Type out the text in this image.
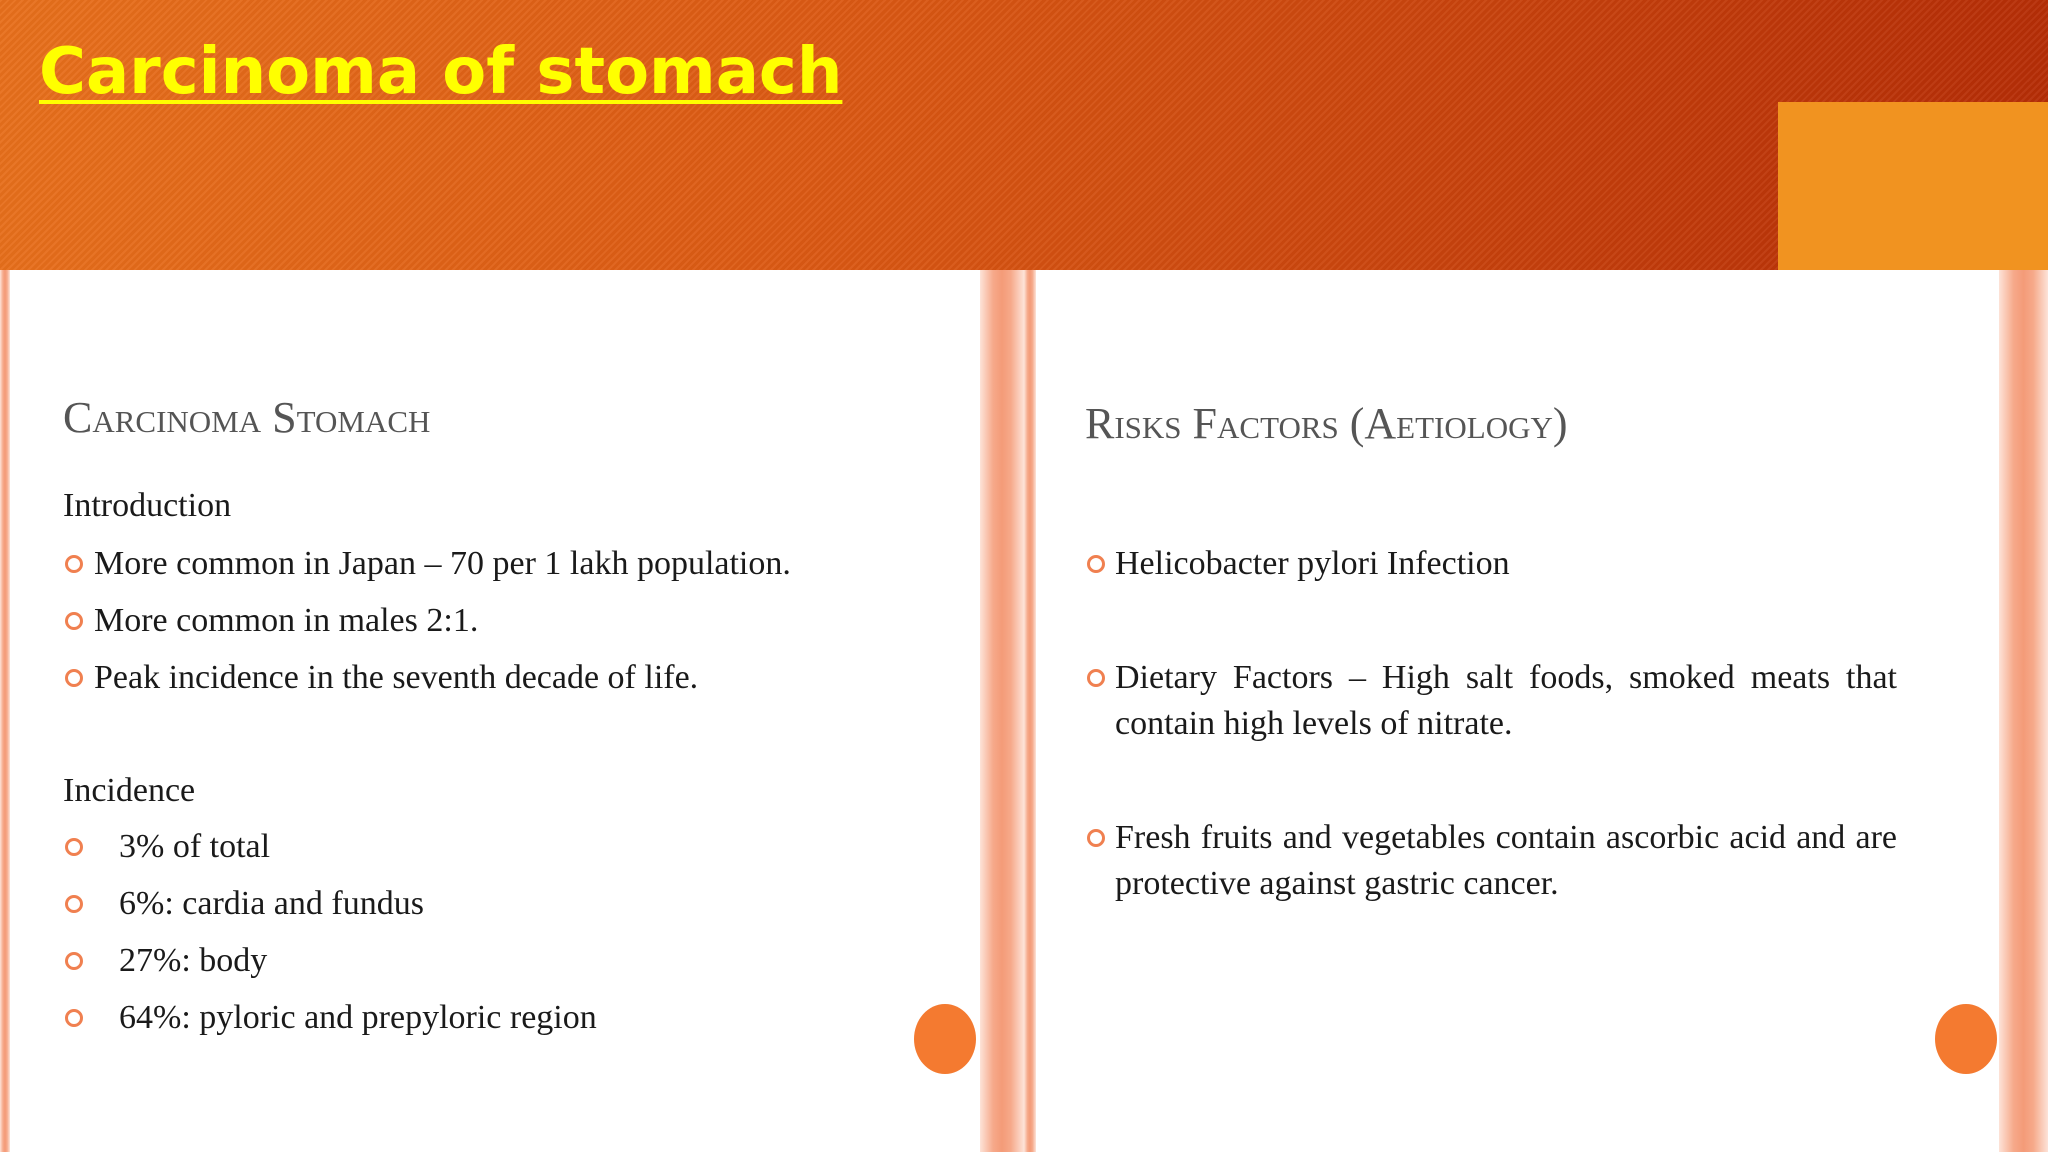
Carcinoma of stomach
Carcinoma Stomach

Introduction

More common in Japan – 70 per 1 lakh population.
More common in males 2:1.
Peak incidence in the seventh decade of life.

Incidence

3% of total
6%: cardia and fundus
27%: body
64%: pyloric and prepyloric region
Risks Factors (Aetiology)
Helicobacter pylori Infection
Dietary Factors – High salt foods, smoked meats that contain high levels of nitrate.
Fresh fruits and vegetables contain ascorbic acid and are protective against gastric cancer.
